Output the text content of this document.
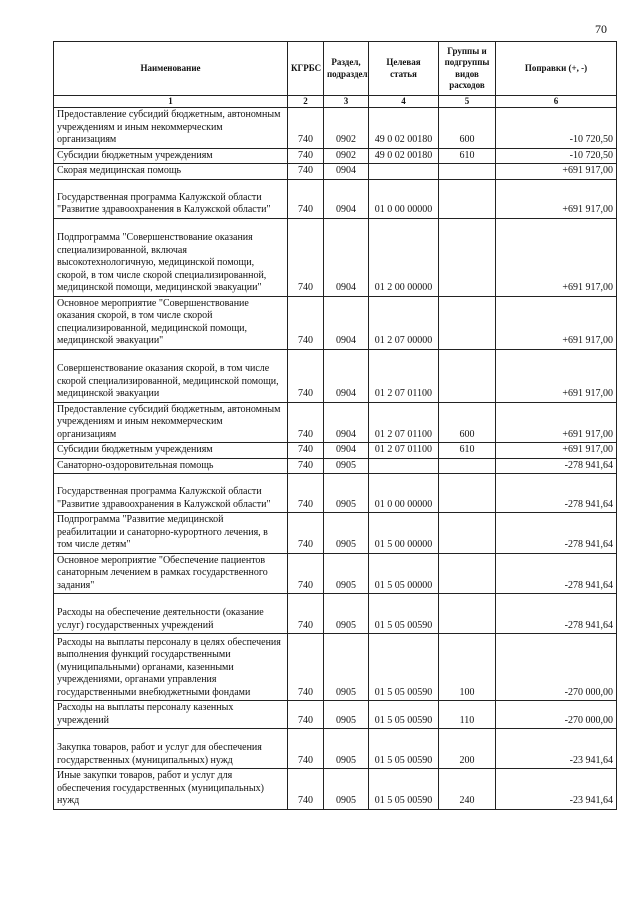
70
Наименование	КГРБС	Раздел, подраздел	Целевая статья	Группы и подгруппы видов расходов	Поправки (+, -)
1	2	3	4	5	6
Предоставление субсидий бюджетным, автономным учреждениям и иным некоммерческим организациям	740	0902	49 0 02 00180	600	-10 720,50
Субсидии бюджетным учреждениям	740	0902	49 0 02 00180	610	-10 720,50
Скорая медицинская помощь	740	0904			+691 917,00
Государственная программа Калужской области "Развитие здравоохранения в Калужской области"	740	0904	01 0 00 00000		+691 917,00
Подпрограмма "Совершенствование оказания специализированной, включая высокотехнологичную, медицинской помощи, скорой, в том числе скорой специализированной, медицинской помощи, медицинской эвакуации"	740	0904	01 2 00 00000		+691 917,00
Основное мероприятие "Совершенствование оказания скорой, в том числе скорой специализированной, медицинской помощи, медицинской эвакуации"	740	0904	01 2 07 00000		+691 917,00
Совершенствование оказания скорой, в том числе скорой специализированной, медицинской помощи, медицинской эвакуации	740	0904	01 2 07 01100		+691 917,00
Предоставление субсидий бюджетным, автономным учреждениям и иным некоммерческим организациям	740	0904	01 2 07 01100	600	+691 917,00
Субсидии бюджетным учреждениям	740	0904	01 2 07 01100	610	+691 917,00
Санаторно-оздоровительная помощь	740	0905			-278 941,64
Государственная программа Калужской области "Развитие здравоохранения в Калужской области"	740	0905	01 0 00 00000		-278 941,64
Подпрограмма "Развитие медицинской реабилитации и санаторно-курортного лечения, в том числе детям"	740	0905	01 5 00 00000		-278 941,64
Основное мероприятие "Обеспечение пациентов санаторным лечением в рамках государственного задания"	740	0905	01 5 05 00000		-278 941,64
Расходы на обеспечение деятельности (оказание услуг) государственных учреждений	740	0905	01 5 05 00590		-278 941,64
Расходы на выплаты персоналу в целях обеспечения выполнения функций государственными (муниципальными) органами, казенными учреждениями, органами управления государственными внебюджетными фондами	740	0905	01 5 05 00590	100	-270 000,00
Расходы на выплаты персоналу казенных учреждений	740	0905	01 5 05 00590	110	-270 000,00
Закупка товаров, работ и услуг для обеспечения государственных (муниципальных) нужд	740	0905	01 5 05 00590	200	-23 941,64
Иные закупки товаров, работ и услуг для обеспечения государственных (муниципальных) нужд	740	0905	01 5 05 00590	240	-23 941,64
